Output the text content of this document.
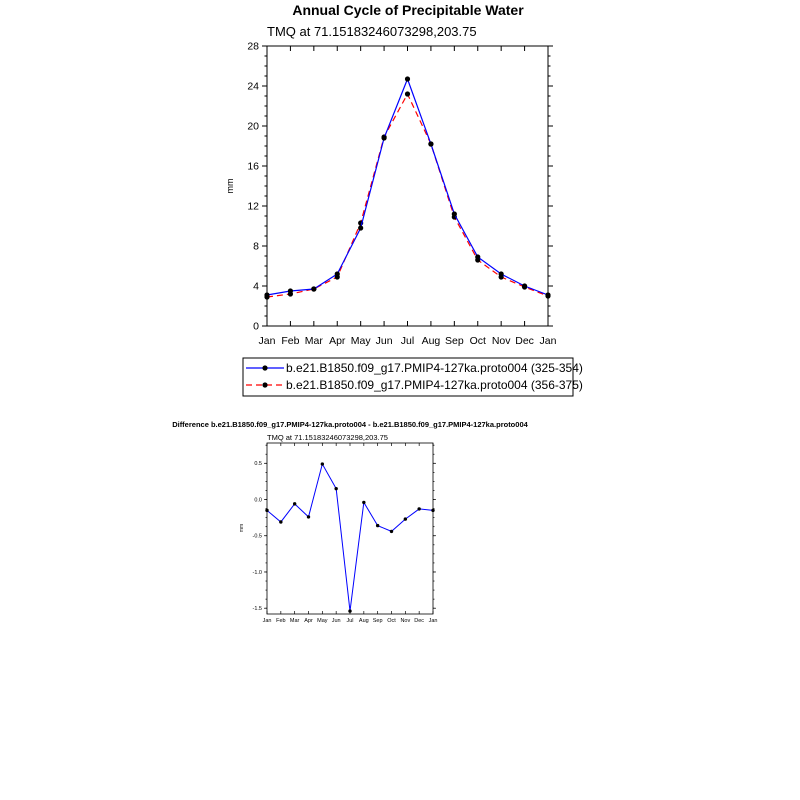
Annual Cycle of Precipitable Water
TMQ at 71.15183246073298,203.75
mm
Jan Feb Mar Apr May Jun Jul Aug Sep Oct Nov Dec Jan
0
4
8
12
16
20
24
28
b.e21.B1850.f09_g17.PMIP4-127ka.proto004 (325-354)
b.e21.B1850.f09_g17.PMIP4-127ka.proto004 (356-375)
Difference b.e21.B1850.f09_g17.PMIP4-127ka.proto004 - b.e21.B1850.f09_g17.PMIP4-127ka.proto004
TMQ at 71.15183246073298,203.75
mm
Jan Feb Mar Apr May Jun Jul Aug Sep Oct Nov Dec Jan
0.5
0.0
-0.5
-1.0
-1.5
